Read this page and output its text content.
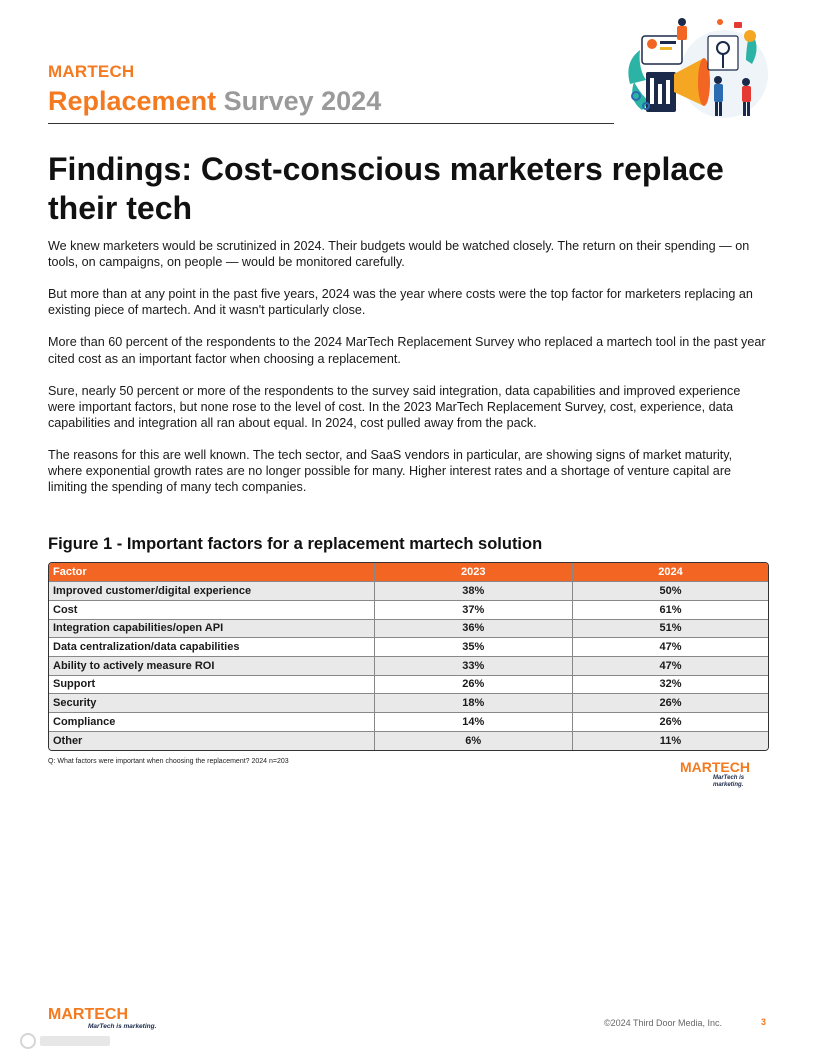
MARTECH
Replacement Survey 2024
Findings: Cost-conscious marketers replace their tech

We knew marketers would be scrutinized in 2024. Their budgets would be watched closely. The return on their spending — on tools, on campaigns, on people — would be monitored carefully.

But more than at any point in the past five years, 2024 was the year where costs were the top factor for marketers replacing an existing piece of martech. And it wasn't particularly close.

More than 60 percent of the respondents to the 2024 MarTech Replacement Survey who replaced a martech tool in the past year cited cost as an important factor when choosing a replacement.

Sure, nearly 50 percent or more of the respondents to the survey said integration, data capabilities and improved experience were important factors, but none rose to the level of cost. In the 2023 MarTech Replacement Survey, cost, experience, data capabilities and integration all ran about equal. In 2024, cost pulled away from the pack.

The reasons for this are well known. The tech sector, and SaaS vendors in particular, are showing signs of market maturity, where exponential growth rates are no longer possible for many. Higher interest rates and a shortage of venture capital are limiting the spending of many tech companies.

Figure 1 - Important factors for a replacement martech solution
Factor	2023	2024
Improved customer/digital experience	38%	50%
Cost	37%	61%
Integration capabilities/open API	36%	51%
Data centralization/data capabilities	35%	47%
Ability to actively measure ROI	33%	47%
Support	26%	32%
Security	18%	26%
Compliance	14%	26%
Other	6%	11%
Q: What factors were important when choosing the replacement? 2024 n=203	MARTECH
MarTech is marketing.
MARTECH
MarTech is marketing.	©2024 Third Door Media, Inc.	3
